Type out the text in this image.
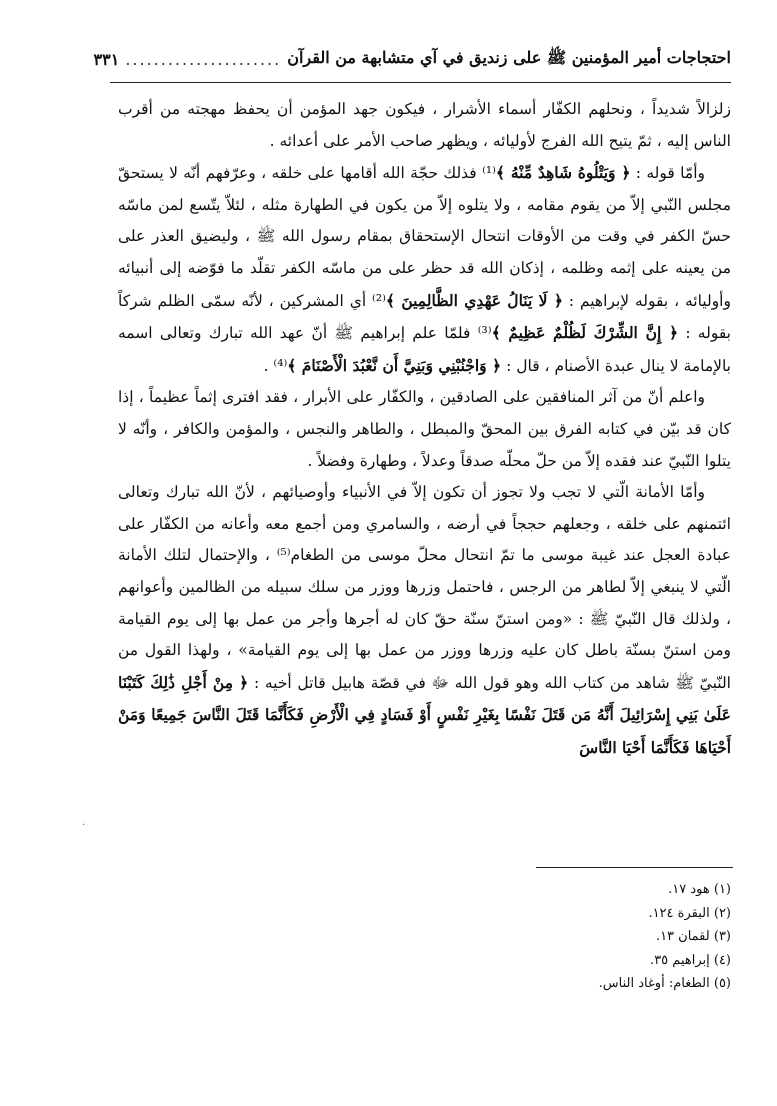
احتجاجات أمير المؤمنين ﷺ على زنديق في آي متشابهة من القرآن
......................
٣٣١

زلزالاً شديداً ، ونحلهم الكفّار أسماء الأشرار ، فيكون جهد المؤمن أن يحفظ مهجته من أقرب الناس إليه ، ثمّ يتيح الله الفرج لأوليائه ، ويظهر صاحب الأمر على أعدائه .

وأمّا قوله : ﴿ وَيَتْلُوهُ شَاهِدٌ مِّنْهُ ﴾⁽¹⁾ فذلك حجّة الله أقامها على خلقه ، وعرّفهم أنّه لا يستحقّ مجلس النّبي إلاّ من يقوم مقامه ، ولا يتلوه إلاّ من يكون في الطهارة مثله ، لئلاّ يتّسع لمن ماسّه حسّ الكفر في وقت من الأوقات انتحال الإستحقاق بمقام رسول الله ﷺ ، وليضيق العذر على من يعينه على إثمه وظلمه ، إذكان الله قد حظر على من ماسّه الكفر تقلّد ما فوّضه إلى أنبيائه وأوليائه ، بقوله لإبراهيم : ﴿ لَا يَنَالُ عَهْدِي الظَّالِمِينَ ﴾⁽²⁾ أي المشركين ، لأنّه سمّى الظلم شركاً بقوله : ﴿ إِنَّ الشِّرْكَ لَظُلْمٌ عَظِيمٌ ﴾⁽³⁾ فلمّا علم إبراهيم ﷺ أنّ عهد الله تبارك وتعالى اسمه بالإمامة لا ينال عبدة الأصنام ، قال : ﴿ وَاجْنُبْنِي وَبَنِيَّ أَن نَّعْبُدَ الْأَصْنَامَ ﴾⁽⁴⁾ .

واعلم أنّ من آثر المنافقين على الصادقين ، والكفّار على الأبرار ، فقد افترى إثماً عظيماً ، إذا كان قد بيّن في كتابه الفرق بين المحقّ والمبطل ، والطاهر والنجس ، والمؤمن والكافر ، وأنّه لا يتلوا النّبيّ عند فقده إلاّ من حلّ محلّه صدقاً وعدلاً ، وطهارة وفضلاً .

وأمّا الأمانة الّتي لا تجب ولا تجوز أن تكون إلاّ في الأنبياء وأوصيائهم ، لأنّ الله تبارك وتعالى ائتمنهم على خلقه ، وجعلهم حججاً في أرضه ، والسامري ومن أجمع معه وأعانه من الكفّار على عبادة العجل عند غيبة موسى ما تمّ انتحال محلّ موسى من الطغام⁽⁵⁾ ، والإحتمال لتلك الأمانة الّتي لا ينبغي إلاّ لطاهر من الرجس ، فاحتمل وزرها ووزر من سلك سبيله من الظالمين وأعوانهم ، ولذلك قال النّبيّ ﷺ : «ومن استنّ سنّة حقّ كان له أجرها وأجر من عمل بها إلى يوم القيامة ومن استنّ بسنّة باطل كان عليه وزرها ووزر من عمل بها إلى يوم القيامة» ، ولهذا القول من النّبيّ ﷺ شاهد من كتاب الله وهو قول الله ﷻ في قصّة هابيل قاتل أخيه : ﴿ مِنْ أَجْلِ ذَٰلِكَ كَتَبْنَا عَلَىٰ بَنِي إِسْرَائِيلَ أَنَّهُ مَن قَتَلَ نَفْسًا بِغَيْرِ نَفْسٍ أَوْ فَسَادٍ فِي الْأَرْضِ فَكَأَنَّمَا قَتَلَ النَّاسَ جَمِيعًا وَمَنْ أَحْيَاهَا فَكَأَنَّمَا أَحْيَا النَّاسَ

(١) هود ١٧.

(٢) البقرة ١٢٤.

(٣) لقمان ١٣.

(٤) إبراهيم ٣٥.

(٥) الطغام: أوغاد الناس.

·
